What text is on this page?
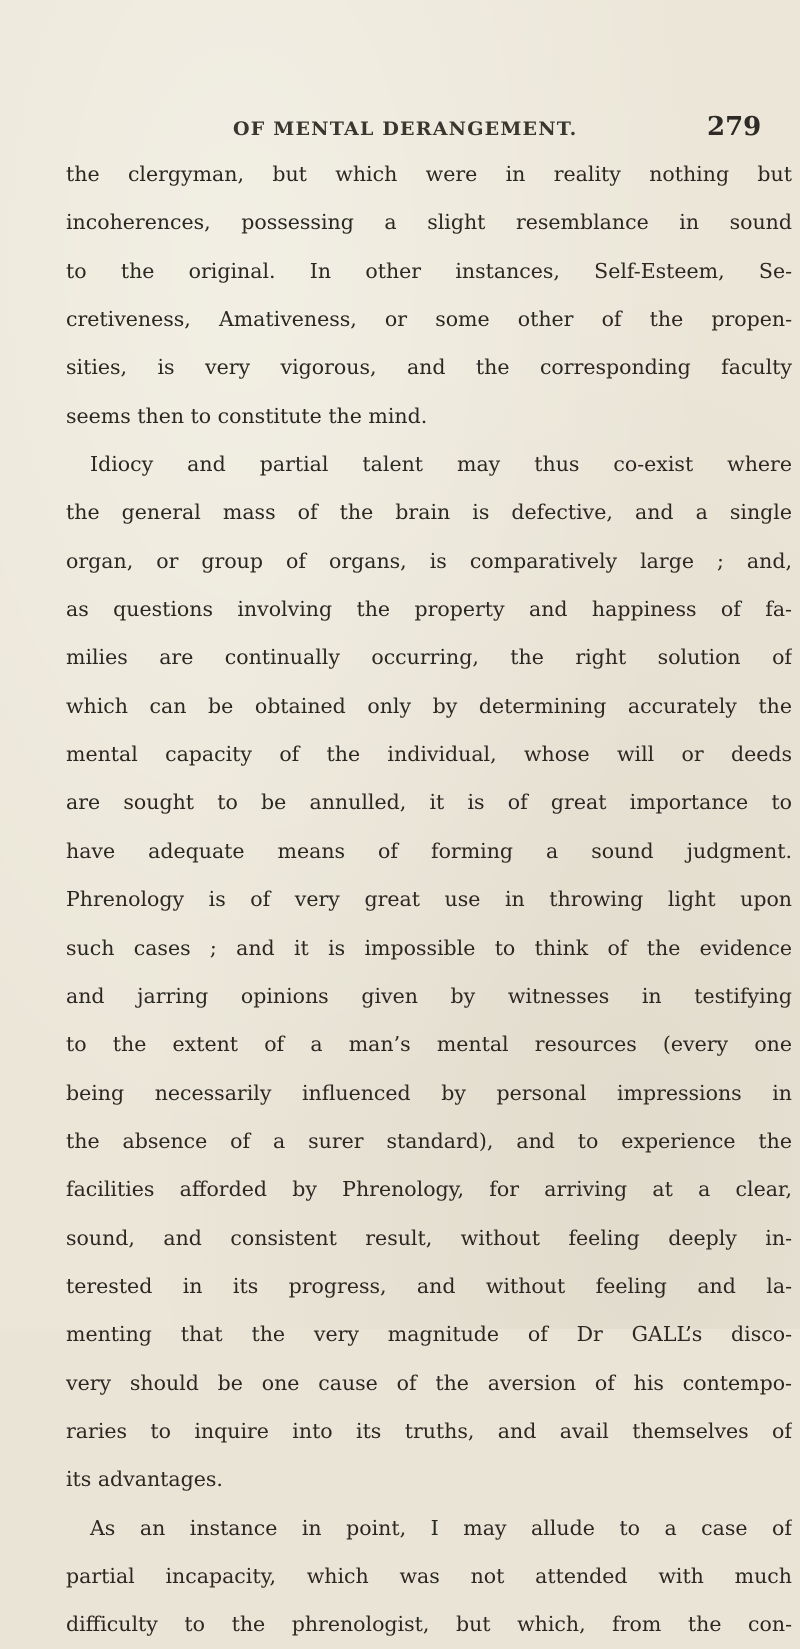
OF MENTAL DERANGEMENT.	279
the clergyman, but which were in reality nothing but
incoherences, possessing a slight resemblance in sound
to the original. In other instances, Self-Esteem, Se-
cretiveness, Amativeness, or some other of the propen-
sities, is very vigorous, and the corresponding faculty
seems then to constitute the mind.
Idiocy and partial talent may thus co-exist where
the general mass of the brain is defective, and a single
organ, or group of organs, is comparatively large ; and,
as questions involving the property and happiness of fa-
milies are continually occurring, the right solution of
which can be obtained only by determining accurately the
mental capacity of the individual, whose will or deeds
are sought to be annulled, it is of great importance to
have adequate means of forming a sound judgment.
Phrenology is of very great use in throwing light upon
such cases ; and it is impossible to think of the evidence
and jarring opinions given by witnesses in testifying
to the extent of a man’s mental resources (every one
being necessarily influenced by personal impressions in
the absence of a surer standard), and to experience the
facilities afforded by Phrenology, for arriving at a clear,
sound, and consistent result, without feeling deeply in-
terested in its progress, and without feeling and la-
menting that the very magnitude of Dr GALL’s disco-
very should be one cause of the aversion of his contempo-
raries to inquire into its truths, and avail themselves of
its advantages.
As an instance in point, I may allude to a case of
partial incapacity, which was not attended with much
difficulty to the phrenologist, but which, from the con-
